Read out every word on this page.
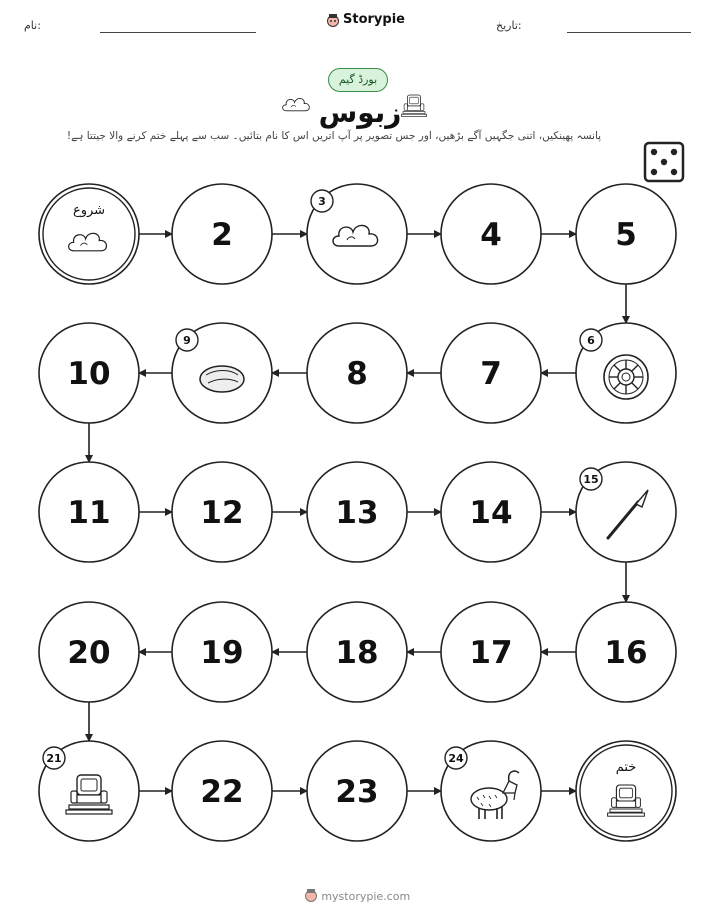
نام:	Storypie	تاریخ:
بورڈ گیم
زبوس
پانسہ پھینکیں، اتنی جگہیں آگے بڑھیں، اور جس تصویر پر آپ اتریں اس کا نام بتائیں۔ سب سے پہلے ختم کرنے والا جیتتا ہے!
شروع
2
3
4	5
6
7
8
9
10
11	12	13	14
15
16
17
18
19
20
21
22	23
24
ختم
mystorypie.com
